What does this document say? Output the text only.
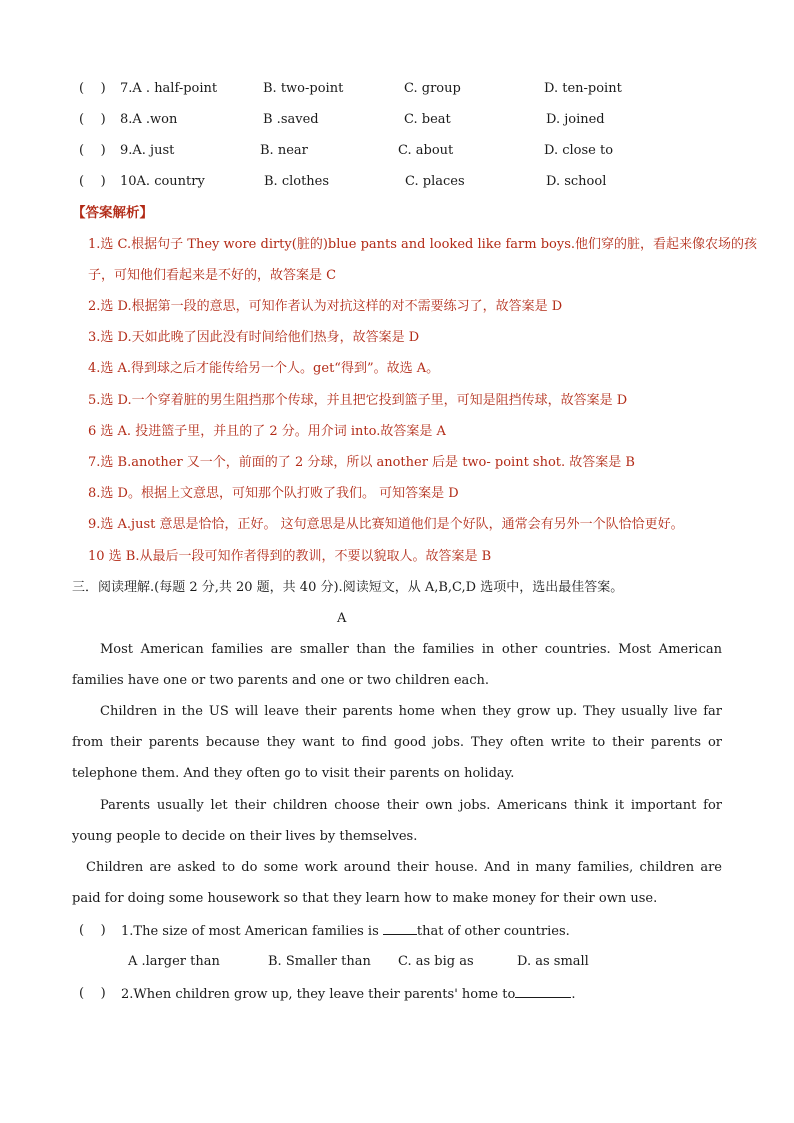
(    ) 7.A . half-point	B. two-point	C. group	D. ten-point
(    ) 8.A .won	B .saved	C. beat	D. joined
(    ) 9.A. just	B. near	C. about	D. close to
(    ) 10A. country	B. clothes	C. places	D. school
【答案解析】
1.选 C.根据句子 They wore dirty(脏的)blue pants and looked like farm boys.他们穿的脏，看起来像农场的孩
子，可知他们看起来是不好的，故答案是 C
2.选 D.根据第一段的意思，可知作者认为对抗这样的对不需要练习了，故答案是 D
3.选 D.天如此晚了因此没有时间给他们热身，故答案是 D
4.选 A.得到球之后才能传给另一个人。get“得到”。故选 A。
5.选 D.一个穿着脏的男生阻挡那个传球，并且把它投到篮子里，可知是阻挡传球，故答案是 D
6 选 A. 投进篮子里，并且的了 2 分。用介词 into.故答案是 A
7.选 B.another 又一个，前面的了 2 分球，所以 another 后是 two- point shot. 故答案是 B
8.选 D。根据上文意思，可知那个队打败了我们。 可知答案是 D
9.选 A.just 意思是恰恰，正好。 这句意思是从比赛知道他们是个好队，通常会有另外一个队恰恰更好。
10 选 B.从最后一段可知作者得到的教训，不要以貌取人。故答案是 B
三．阅读理解.(每题 2 分,共 20 题，共 40 分).阅读短文，从 A,B,C,D 选项中，选出最佳答案。
A
Most American families are smaller than the families in other countries. Most American families have one or two parents and one or two children each.
Children in the US will leave their parents home when they grow up. They usually live far from their parents because they want to find good jobs. They often write to their parents or telephone them. And they often go to visit their parents on holiday.
Parents usually let their children choose their own jobs. Americans think it important for young people to decide on their lives by themselves.
Children are asked to do some work around their house. And in many families, children are paid for doing some housework so that they learn how to make money for their own use.
(    ) 1.The size of most American families is	that of other countries.
A .larger than	B. Smaller than C. as big as	D. as small
(    ) 2.When children grow up, they leave their parents' home to	.
